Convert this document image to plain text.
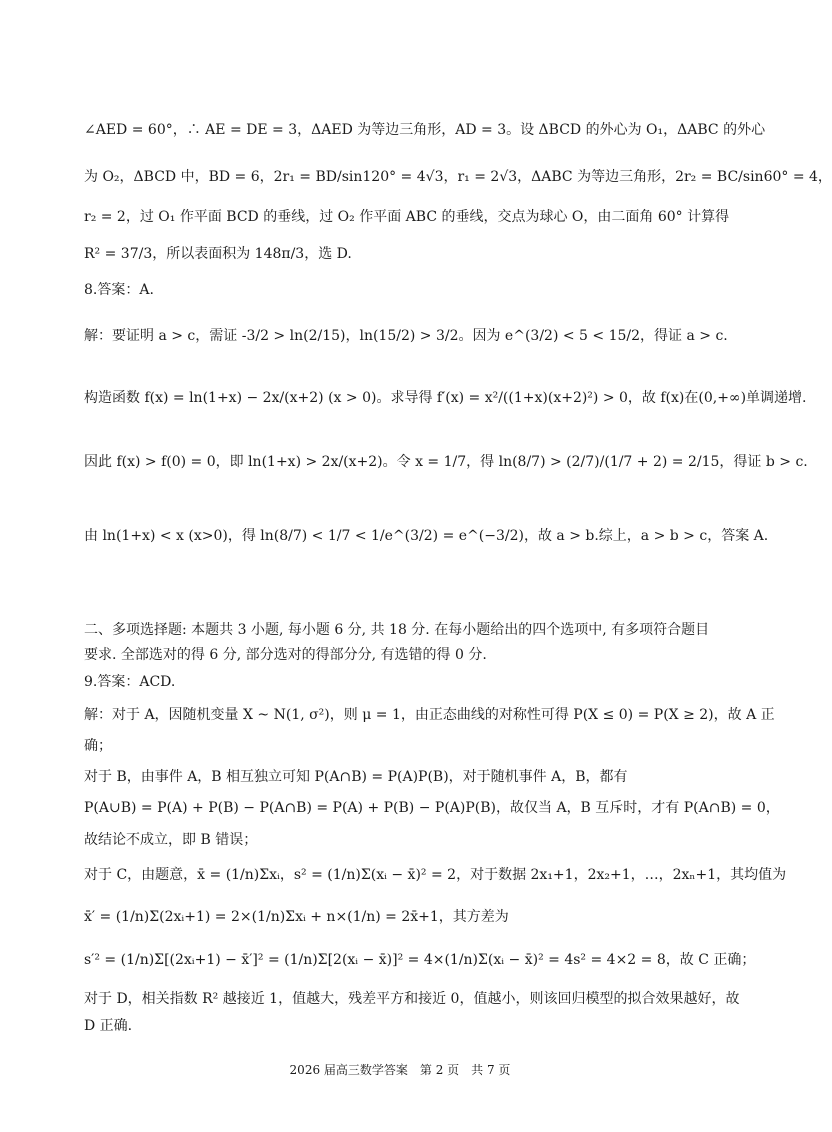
∠AED = 60°，∴ AE = DE = 3，ΔAED 为等边三角形，AD = 3。设 ΔBCD 的外心为 O₁，ΔABC 的外心
为 O₂，ΔBCD 中，BD = 6，2r₁ = BD/sin120° = 4√3，r₁ = 2√3，ΔABC 为等边三角形，2r₂ = BC/sin60° = 4，
r₂ = 2，过 O₁ 作平面 BCD 的垂线，过 O₂ 作平面 ABC 的垂线，交点为球心 O，由二面角 60° 计算得
R² = 37/3，所以表面积为 148π/3，选 D.
8.答案：A.
解：要证明 a > c，需证 -3/2 > ln(2/15)，ln(15/2) > 3/2。因为 e^(3/2) < 5 < 15/2，得证 a > c.
构造函数 f(x) = ln(1+x) − 2x/(x+2) (x > 0)。求导得 f′(x) = x²/((1+x)(x+2)²) > 0，故 f(x)在(0,+∞)单调递增.
因此 f(x) > f(0) = 0，即 ln(1+x) > 2x/(x+2)。令 x = 1/7，得 ln(8/7) > (2/7)/(1/7 + 2) = 2/15，得证 b > c.
由 ln(1+x) < x (x>0)，得 ln(8/7) < 1/7 < 1/e^(3/2) = e^(−3/2)，故 a > b.综上，a > b > c，答案 A.
二、多项选择题: 本题共 3 小题, 每小题 6 分, 共 18 分. 在每小题给出的四个选项中, 有多项符合题目
要求. 全部选对的得 6 分, 部分选对的得部分分, 有选错的得 0 分.
9.答案：ACD.
解：对于 A，因随机变量 X ~ N(1, σ²)，则 μ = 1，由正态曲线的对称性可得 P(X ≤ 0) = P(X ≥ 2)，故 A 正
确；
对于 B，由事件 A，B 相互独立可知 P(A∩B) = P(A)P(B)，对于随机事件 A，B，都有
P(A∪B) = P(A) + P(B) − P(A∩B) = P(A) + P(B) − P(A)P(B)，故仅当 A，B 互斥时，才有 P(A∩B) = 0，
故结论不成立，即 B 错误；
对于 C，由题意，x̄ = (1/n)Σxᵢ，s² = (1/n)Σ(xᵢ − x̄)² = 2，对于数据 2x₁+1，2x₂+1，…，2xₙ+1，其均值为
x̄′ = (1/n)Σ(2xᵢ+1) = 2×(1/n)Σxᵢ + n×(1/n) = 2x̄+1，其方差为
s′² = (1/n)Σ[(2xᵢ+1) − x̄′]² = (1/n)Σ[2(xᵢ − x̄)]² = 4×(1/n)Σ(xᵢ − x̄)² = 4s² = 4×2 = 8，故 C 正确；
对于 D，相关指数 R² 越接近 1，值越大，残差平方和接近 0，值越小，则该回归模型的拟合效果越好，故
D 正确.
2026 届高三数学答案　第 2 页　共 7 页
